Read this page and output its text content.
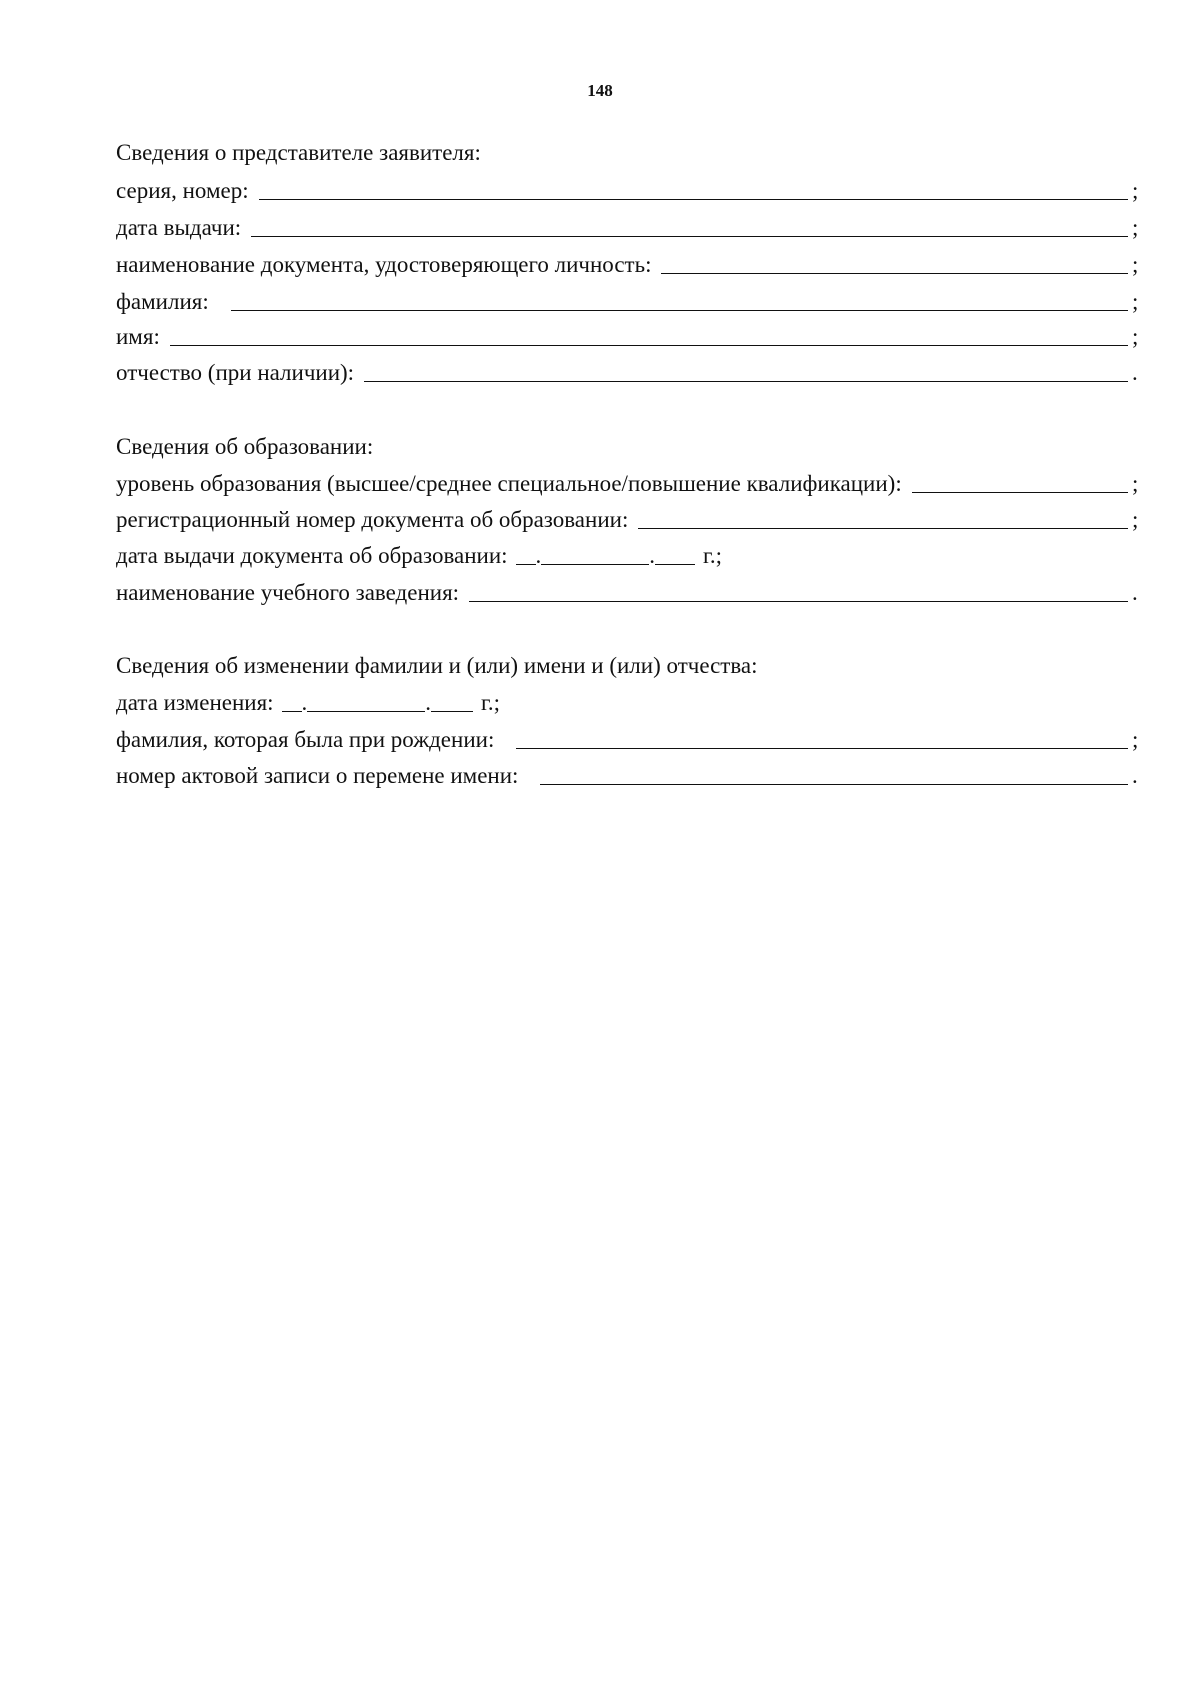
148
Сведения о представителе заявителя:
серия, номер:	;
дата выдачи:	;
наименование документа, удостоверяющего личность:	;
фамилия:	;
имя:	;
отчество (при наличии):	.
Сведения об образовании:
уровень образования (высшее/среднее специальное/повышение квалификации):	;
регистрационный номер документа об образовании:	;
дата выдачи документа об образовании: .	. г.;
наименование учебного заведения:	.
Сведения об изменении фамилии и (или) имени и (или) отчества:
дата изменения: .	. г.;
фамилия, которая была при рождении:	;
номер актовой записи о перемене имени:	.
